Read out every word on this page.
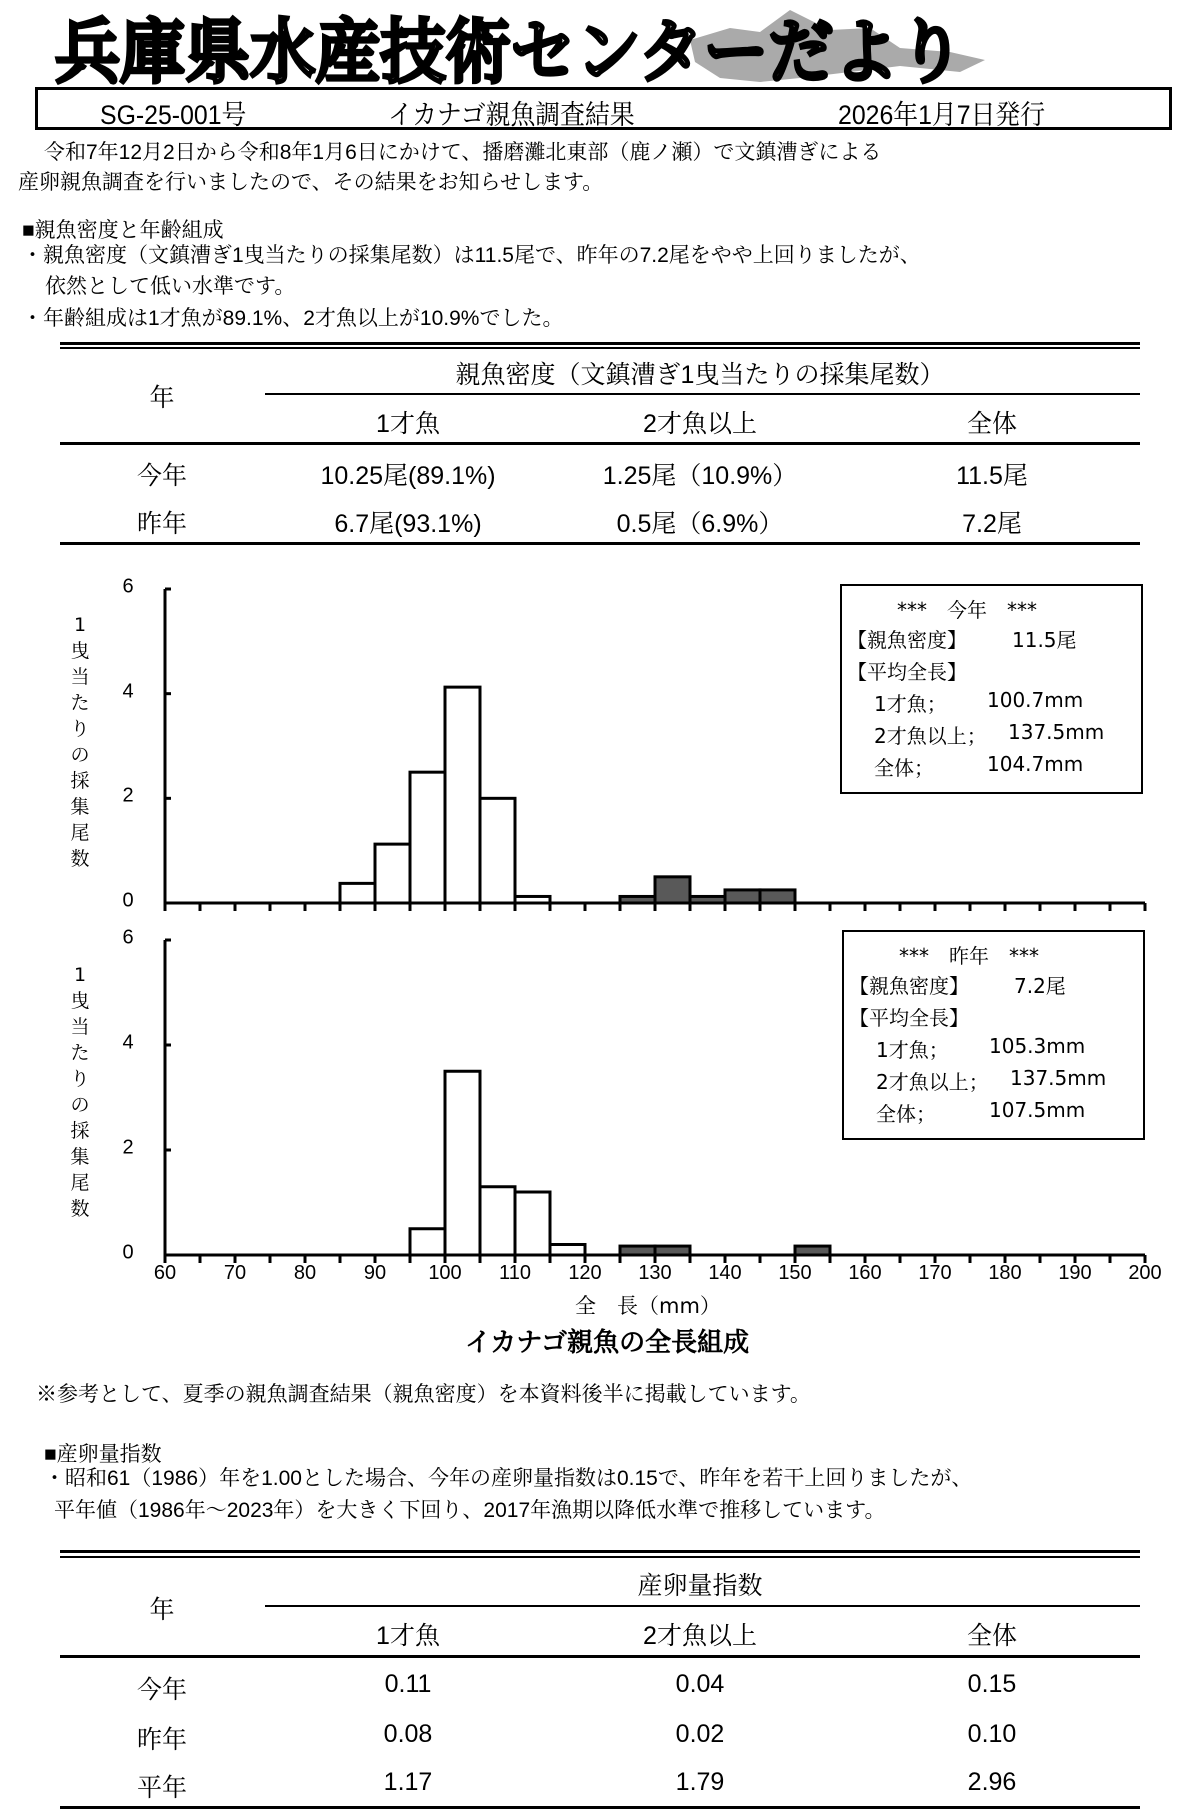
兵庫県水産技術センターだより
SG-25-001号	イカナゴ親魚調査結果	2026年1月7日発行
令和7年12月2日から令和8年1月6日にかけて、播磨灘北東部（鹿ノ瀬）で文鎮漕ぎによる
産卵親魚調査を行いましたので、その結果をお知らせします。
■親魚密度と年齢組成
・親魚密度（文鎮漕ぎ1曳当たりの採集尾数）は11.5尾で、昨年の7.2尾をやや上回りましたが、
依然として低い水準です。
・年齢組成は1才魚が89.1%、2才魚以上が10.9%でした。
年
親魚密度（文鎮漕ぎ1曳当たりの採集尾数）
1才魚	2才魚以上	全体
今年	10.25尾(89.1%)	1.25尾（10.9%）	11.5尾
昨年	6.7尾(93.1%)	0.5尾（6.9%）	7.2尾
1
曳
当
た
り
の
採
集
尾
数
1
曳
当
た
り
の
採
集
尾
数
0
2
4
6
0
2
4
6
60 70 80 90 100 110 120 130 140 150 160 170 180 190 200
***　今年　***
【親魚密度】 11.5尾
【平均全長】
1才魚； 100.7mm
2才魚以上； 137.5mm
全体；	104.7mm
***　昨年　***
【親魚密度】 7.2尾
【平均全長】
1才魚； 105.3mm
2才魚以上； 137.5mm
全体；	107.5mm
全　長（mm）
イカナゴ親魚の全長組成
※参考として、夏季の親魚調査結果（親魚密度）を本資料後半に掲載しています。
■産卵量指数
・昭和61（1986）年を1.00とした場合、今年の産卵量指数は0.15で、昨年を若干上回りましたが、
平年値（1986年～2023年）を大きく下回り、2017年漁期以降低水準で推移しています。
年
産卵量指数
1才魚	2才魚以上	全体
今年	0.11	0.04	0.15
昨年	0.08	0.02	0.10
平年	1.17	1.79	2.96
